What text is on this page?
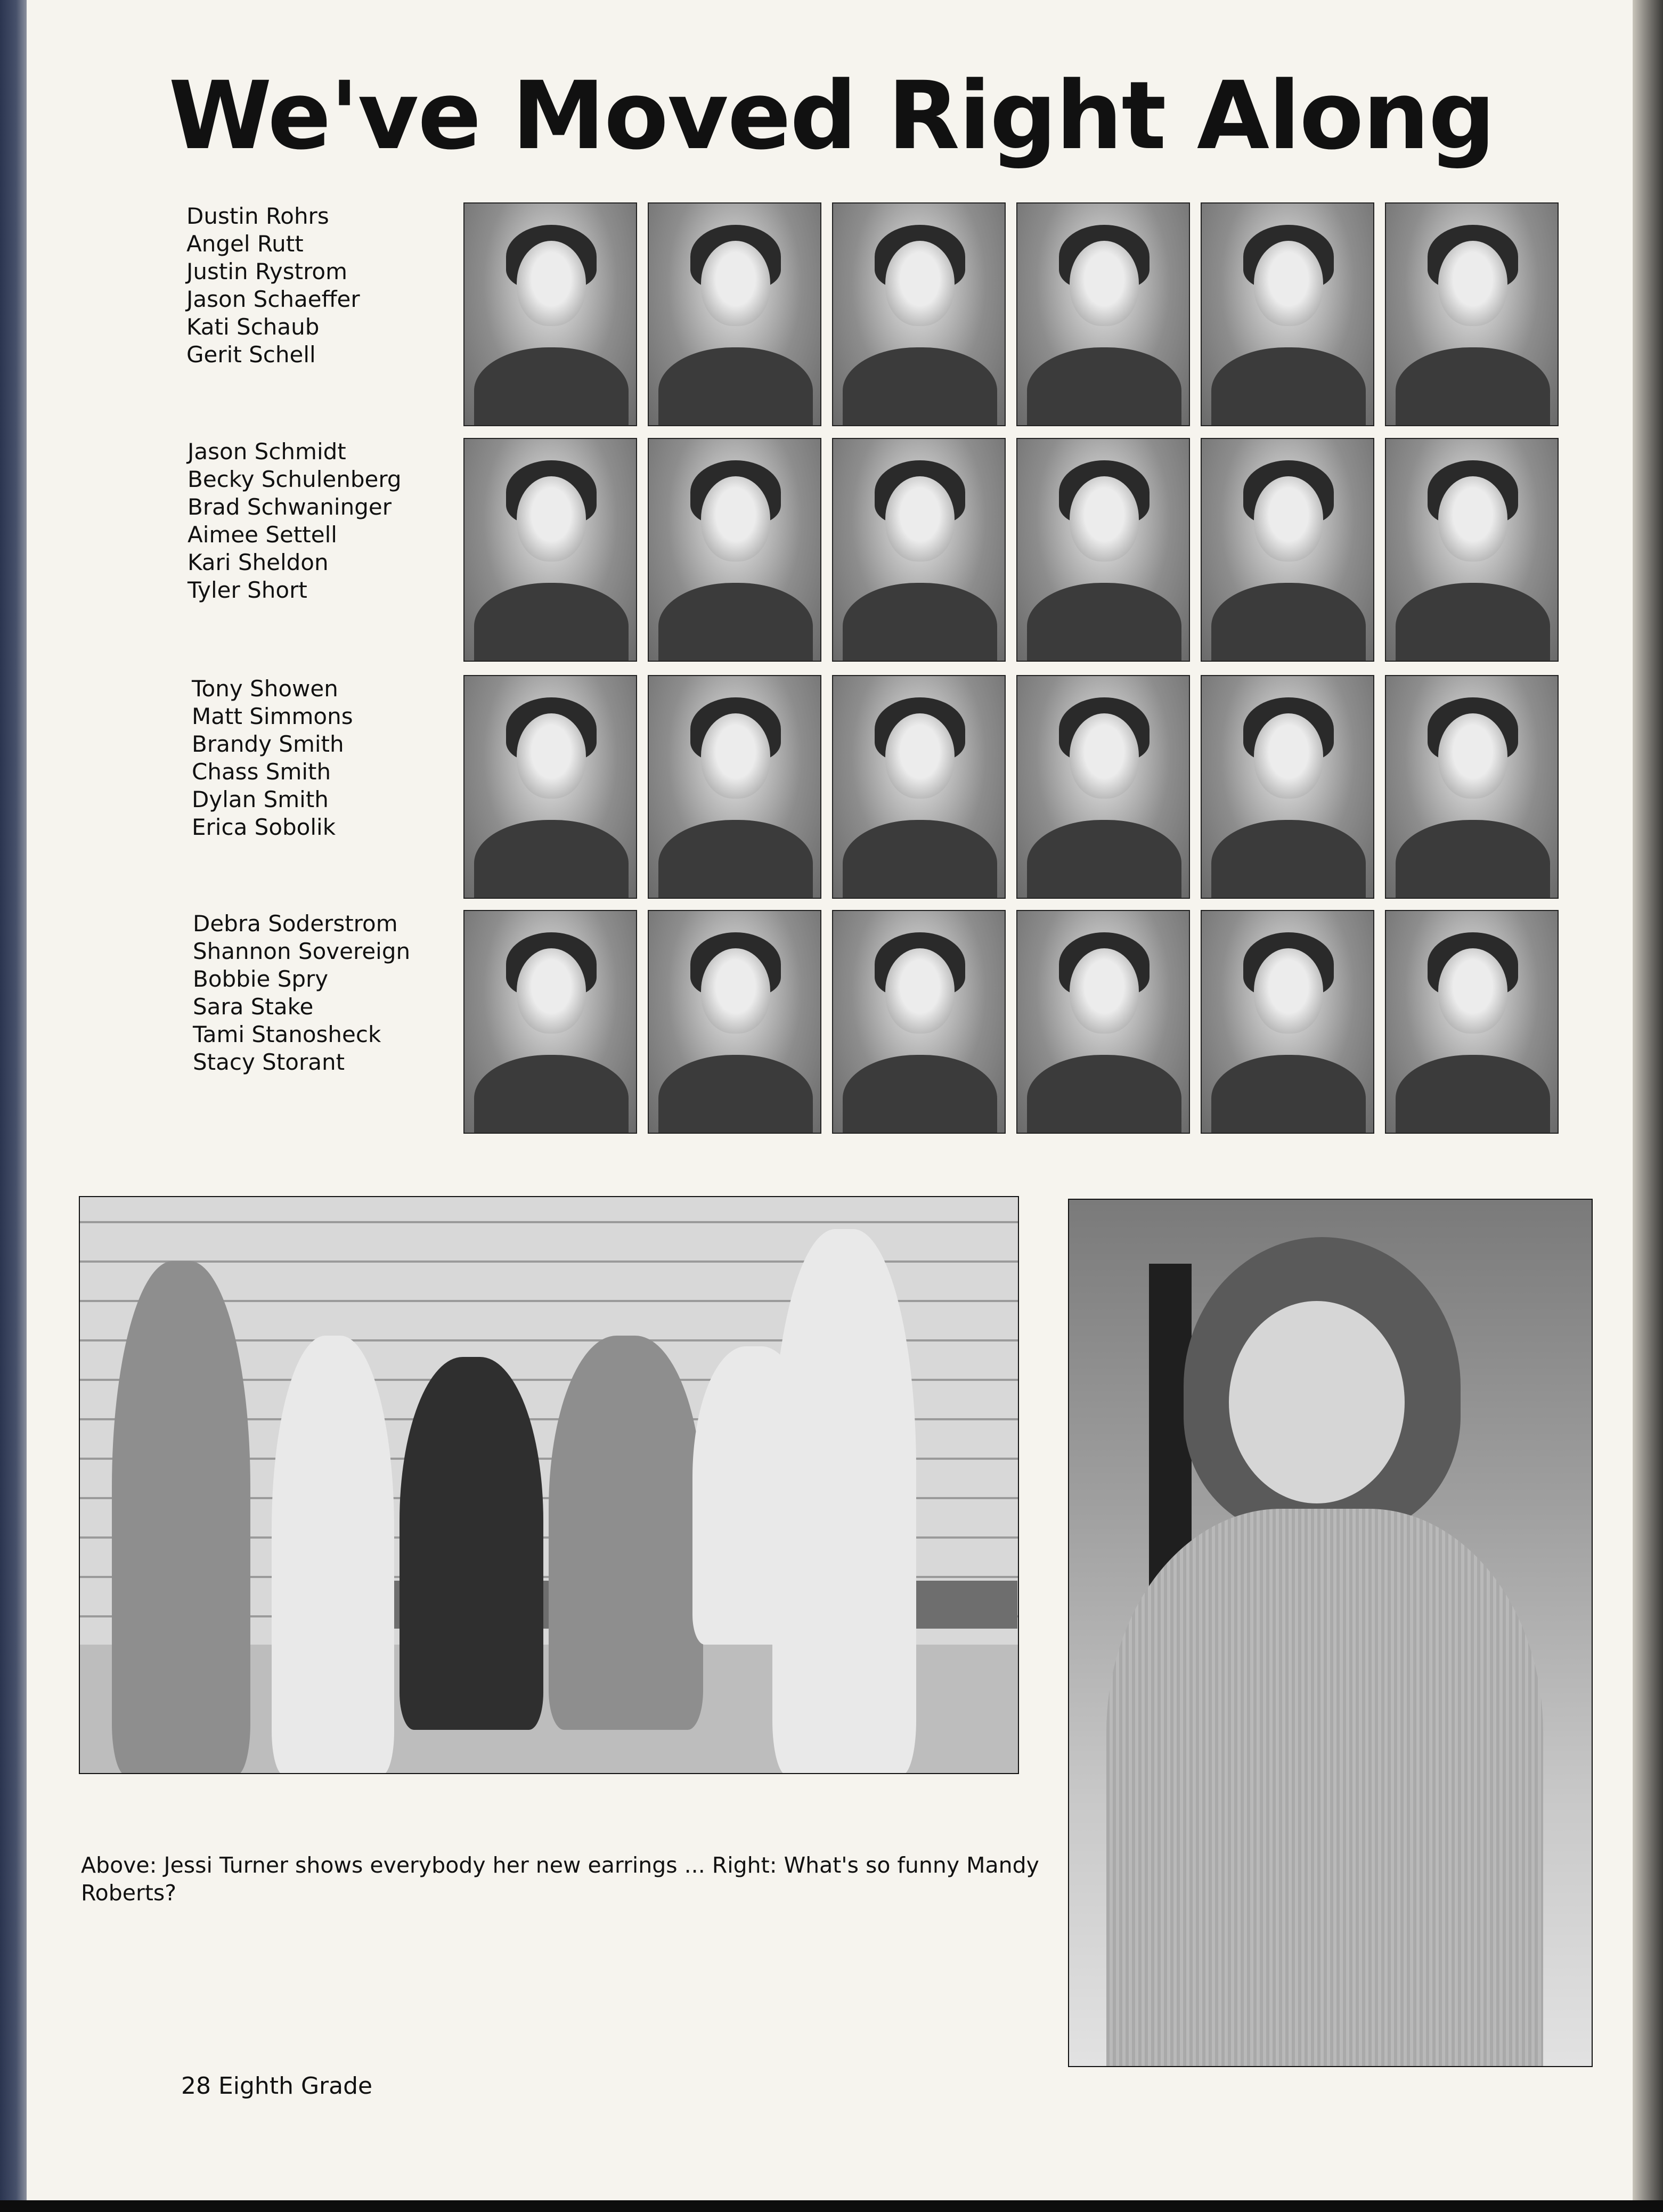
We've Moved Right Along
Dustin Rohrs
Angel Rutt
Justin Rystrom
Jason Schaeffer
Kati Schaub
Gerit Schell
Jason Schmidt
Becky Schulenberg
Brad Schwaninger
Aimee Settell
Kari Sheldon
Tyler Short
Tony Showen
Matt Simmons
Brandy Smith
Chass Smith
Dylan Smith
Erica Sobolik
Debra Soderstrom
Shannon Sovereign
Bobbie Spry
Sara Stake
Tami Stanosheck
Stacy Storant
Above: Jessi Turner shows everybody her new earrings ... Right: What's so funny Mandy Roberts?
28 Eighth Grade
